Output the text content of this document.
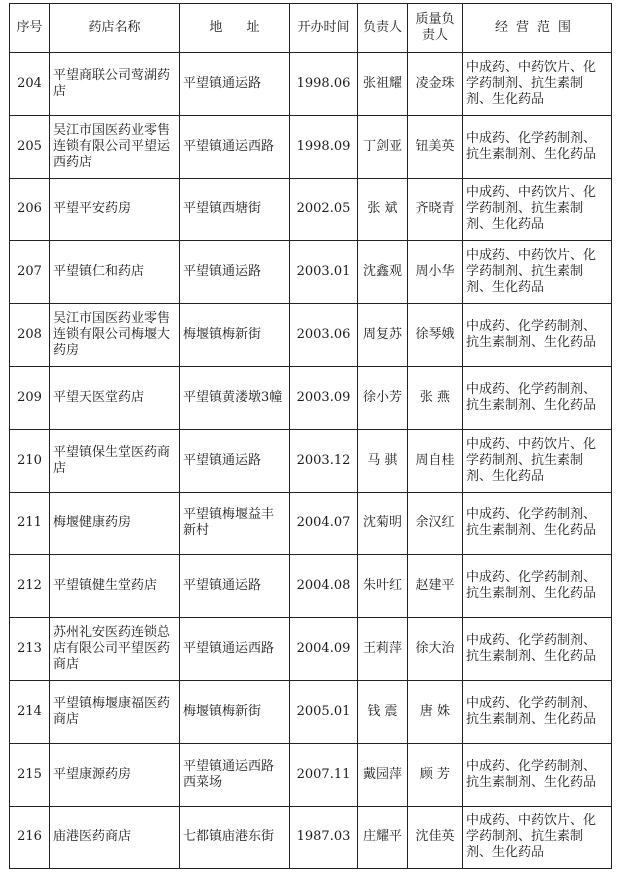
序号	药店名称	地 址	开办时间	负责人	质量负责人	经营范围
204	平望商联公司莺湖药店	平望镇通运路	1998.06	张祖耀	凌金珠	中成药、中药饮片、化学药制剂、抗生素制剂、生化药品
205	吴江市国医药业零售连锁有限公司平望运西药店	平望镇通运西路	1998.09	丁剑亚	钮美英	中成药、化学药制剂、抗生素制剂、生化药品
206	平望平安药房	平望镇西塘街	2002.05	张 斌	齐晓青	中成药、中药饮片、化学药制剂、抗生素制剂、生化药品
207	平望镇仁和药店	平望镇通运路	2003.01	沈鑫观	周小华	中成药、中药饮片、化学药制剂、抗生素制剂、生化药品
208	吴江市国医药业零售连锁有限公司梅堰大药房	梅堰镇梅新街	2003.06	周复苏	徐琴娥	中成药、化学药制剂、抗生素制剂、生化药品
209	平望天医堂药店	平望镇黄溇墩3幢	2003.09	徐小芳	张 燕	中成药、化学药制剂、抗生素制剂、生化药品
210	平望镇保生堂医药商店	平望镇通运路	2003.12	马 骐	周自桂	中成药、中药饮片、化学药制剂、抗生素制剂、生化药品
211	梅堰健康药房	平望镇梅堰益丰新村	2004.07	沈菊明	余汉红	中成药、化学药制剂、抗生素制剂、生化药品
212	平望镇健生堂药店	平望镇通运路	2004.08	朱叶红	赵建平	中成药、化学药制剂、抗生素制剂、生化药品
213	苏州礼安医药连锁总店有限公司平望医药商店	平望镇通运西路	2004.09	王莉萍	徐大治	中成药、化学药制剂、抗生素制剂、生化药品
214	平望镇梅堰康福医药商店	梅堰镇梅新街	2005.01	钱 震	唐 姝	中成药、化学药制剂、抗生素制剂、生化药品
215	平望康源药房	平望镇通运西路西菜场	2007.11	戴园萍	顾 芳	中成药、化学药制剂、抗生素制剂、生化药品
216	庙港医药商店	七都镇庙港东街	1987.03	庄耀平	沈佳英	中成药、中药饮片、化学药制剂、抗生素制剂、生化药品
